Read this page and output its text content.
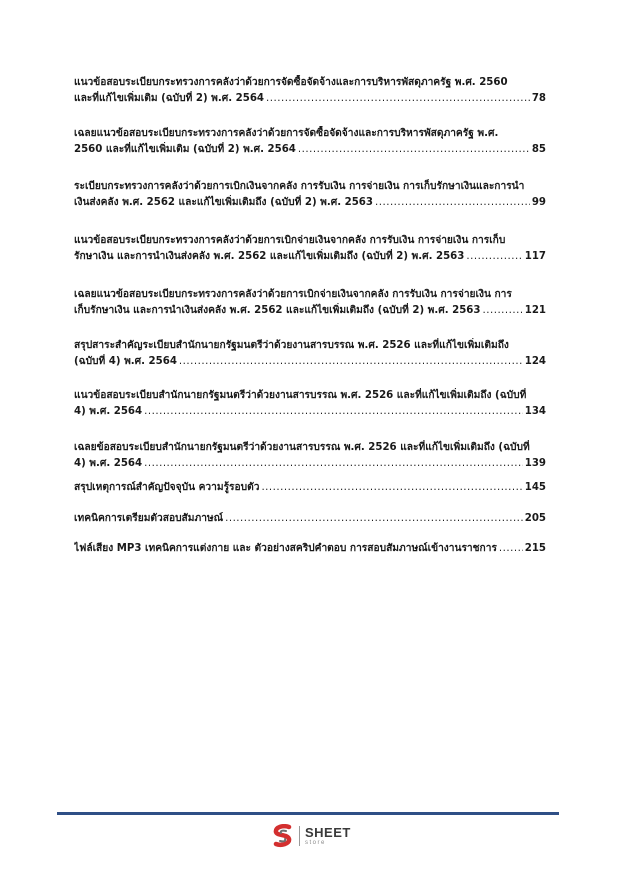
แนวข้อสอบระเบียบกระทรวงการคลังว่าด้วยการจัดซื้อจัดจ้างและการบริหารพัสดุภาครัฐ พ.ศ. 2560
และที่แก้ไขเพิ่มเติม (ฉบับที่ 2) พ.ศ. 2564 .....	78
เฉลยแนวข้อสอบระเบียบกระทรวงการคลังว่าด้วยการจัดซื้อจัดจ้างและการบริหารพัสดุภาครัฐ พ.ศ.
2560 และที่แก้ไขเพิ่มเติม (ฉบับที่ 2) พ.ศ. 2564 .....	85
ระเบียบกระทรวงการคลังว่าด้วยการเบิกเงินจากคลัง การรับเงิน การจ่ายเงิน การเก็บรักษาเงินและการนำ
เงินส่งคลัง พ.ศ. 2562 และแก้ไขเพิ่มเติมถึง (ฉบับที่ 2) พ.ศ. 2563 .....	99
แนวข้อสอบระเบียบกระทรวงการคลังว่าด้วยการเบิกจ่ายเงินจากคลัง การรับเงิน การจ่ายเงิน การเก็บ
รักษาเงิน และการนำเงินส่งคลัง พ.ศ. 2562 และแก้ไขเพิ่มเติมถึง (ฉบับที่ 2) พ.ศ. 2563 .....	117
เฉลยแนวข้อสอบระเบียบกระทรวงการคลังว่าด้วยการเบิกจ่ายเงินจากคลัง การรับเงิน การจ่ายเงิน การ
เก็บรักษาเงิน และการนำเงินส่งคลัง พ.ศ. 2562 และแก้ไขเพิ่มเติมถึง (ฉบับที่ 2) พ.ศ. 2563 .....	121
สรุปสาระสำคัญระเบียบสำนักนายกรัฐมนตรีว่าด้วยงานสารบรรณ พ.ศ. 2526 และที่แก้ไขเพิ่มเติมถึง
(ฉบับที่ 4) พ.ศ. 2564 .....	124
แนวข้อสอบระเบียบสำนักนายกรัฐมนตรีว่าด้วยงานสารบรรณ พ.ศ. 2526 และที่แก้ไขเพิ่มเติมถึง (ฉบับที่
4) พ.ศ. 2564 .....	134
เฉลยข้อสอบระเบียบสำนักนายกรัฐมนตรีว่าด้วยงานสารบรรณ พ.ศ. 2526 และที่แก้ไขเพิ่มเติมถึง (ฉบับที่
4) พ.ศ. 2564 .....	139
สรุปเหตุการณ์สำคัญปัจจุบัน ความรู้รอบตัว .....	145
เทคนิคการเตรียมตัวสอบสัมภาษณ์ .....	205
ไฟล์เสียง MP3 เทคนิคการแต่งกาย และ ตัวอย่างสคริปคำตอบ การสอบสัมภาษณ์เข้างานราชการ .....	215
SHEET
store
